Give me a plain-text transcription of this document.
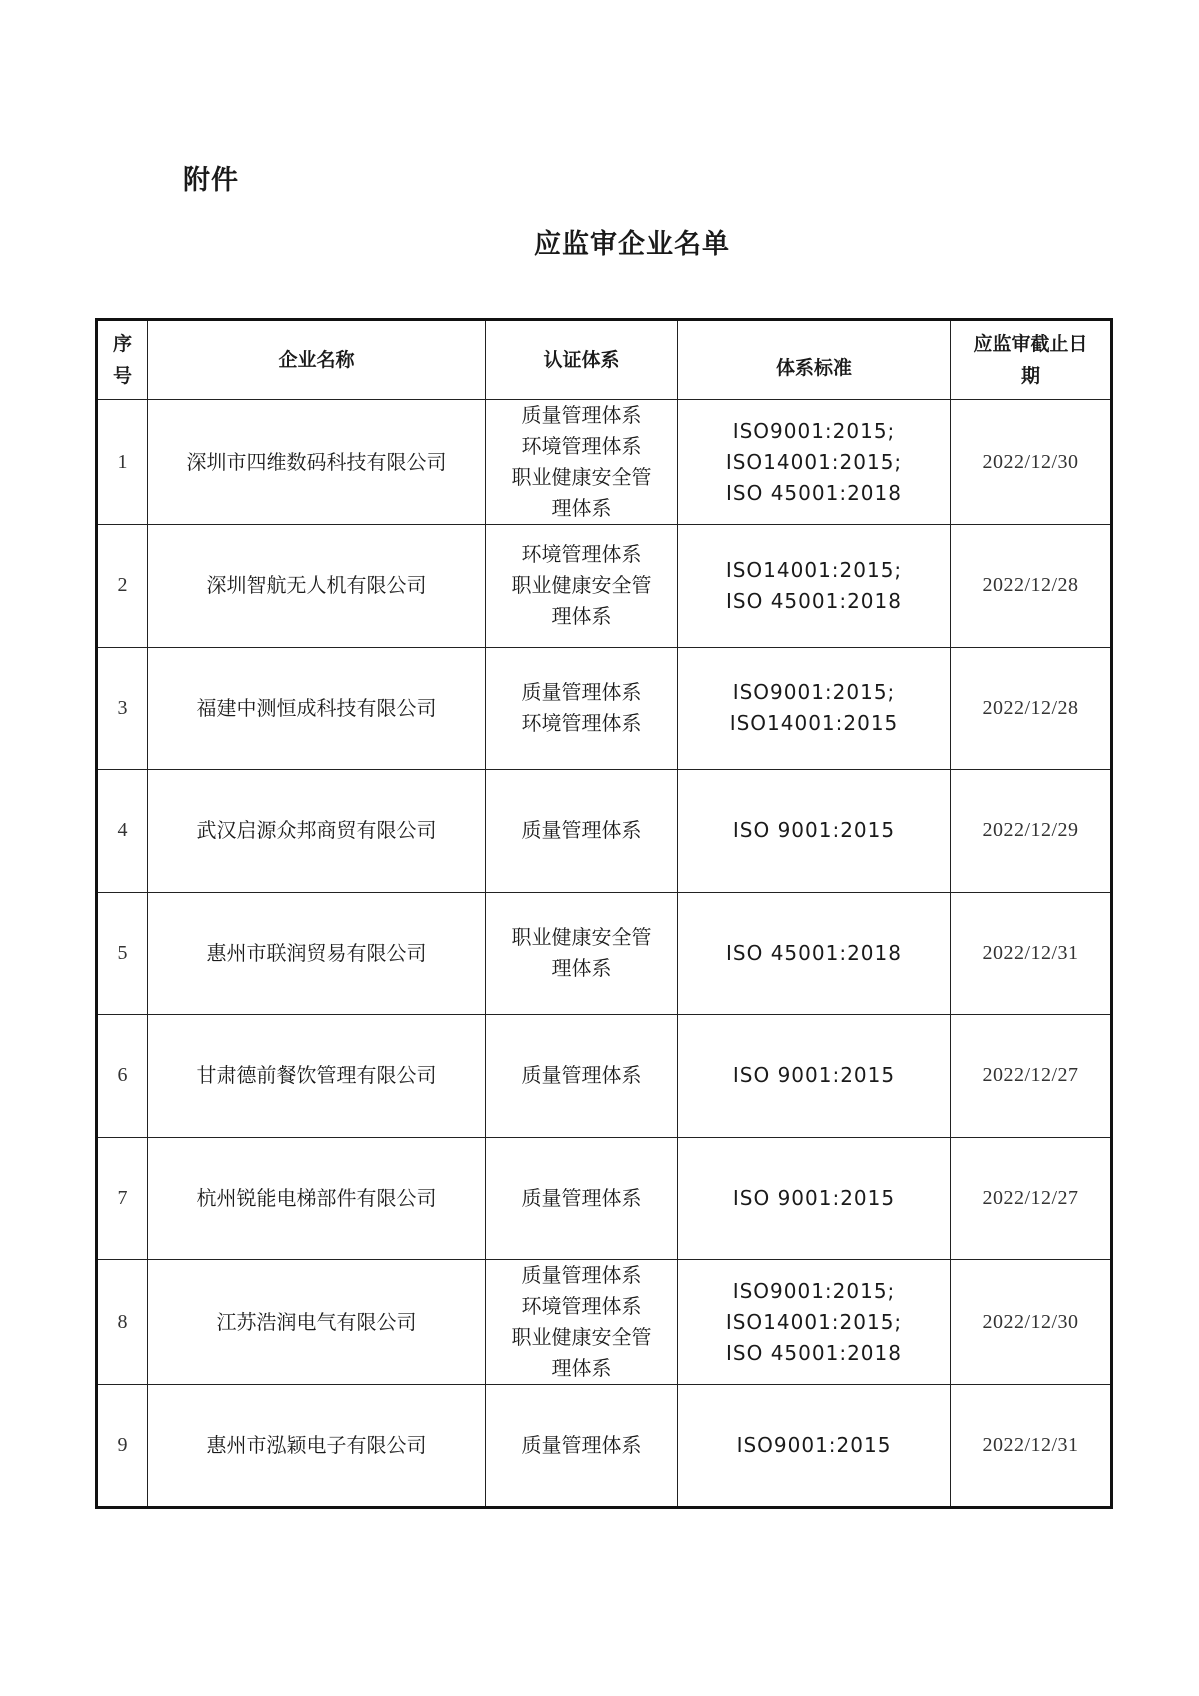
附件
应监审企业名单
序
号	企业名称	认证体系	体系标准	应监审截止日
期

1	深圳市四维数码科技有限公司	质量管理体系
环境管理体系
职业健康安全管
理体系	ISO9001:2015;
ISO14001:2015;
ISO 45001:2018	2022/12/30
2	深圳智航无人机有限公司	环境管理体系
职业健康安全管
理体系	ISO14001:2015;
ISO 45001:2018	2022/12/28
3	福建中测恒成科技有限公司	质量管理体系
环境管理体系	ISO9001:2015;
ISO14001:2015	2022/12/28
4	武汉启源众邦商贸有限公司	质量管理体系	ISO 9001:2015	2022/12/29
5	惠州市联润贸易有限公司	职业健康安全管
理体系	ISO 45001:2018	2022/12/31
6	甘肃德前餐饮管理有限公司	质量管理体系	ISO 9001:2015	2022/12/27
7	杭州锐能电梯部件有限公司	质量管理体系	ISO 9001:2015	2022/12/27
8	江苏浩润电气有限公司	质量管理体系
环境管理体系
职业健康安全管
理体系	ISO9001:2015;
ISO14001:2015;
ISO 45001:2018	2022/12/30
9	惠州市泓颖电子有限公司	质量管理体系	ISO9001:2015	2022/12/31
